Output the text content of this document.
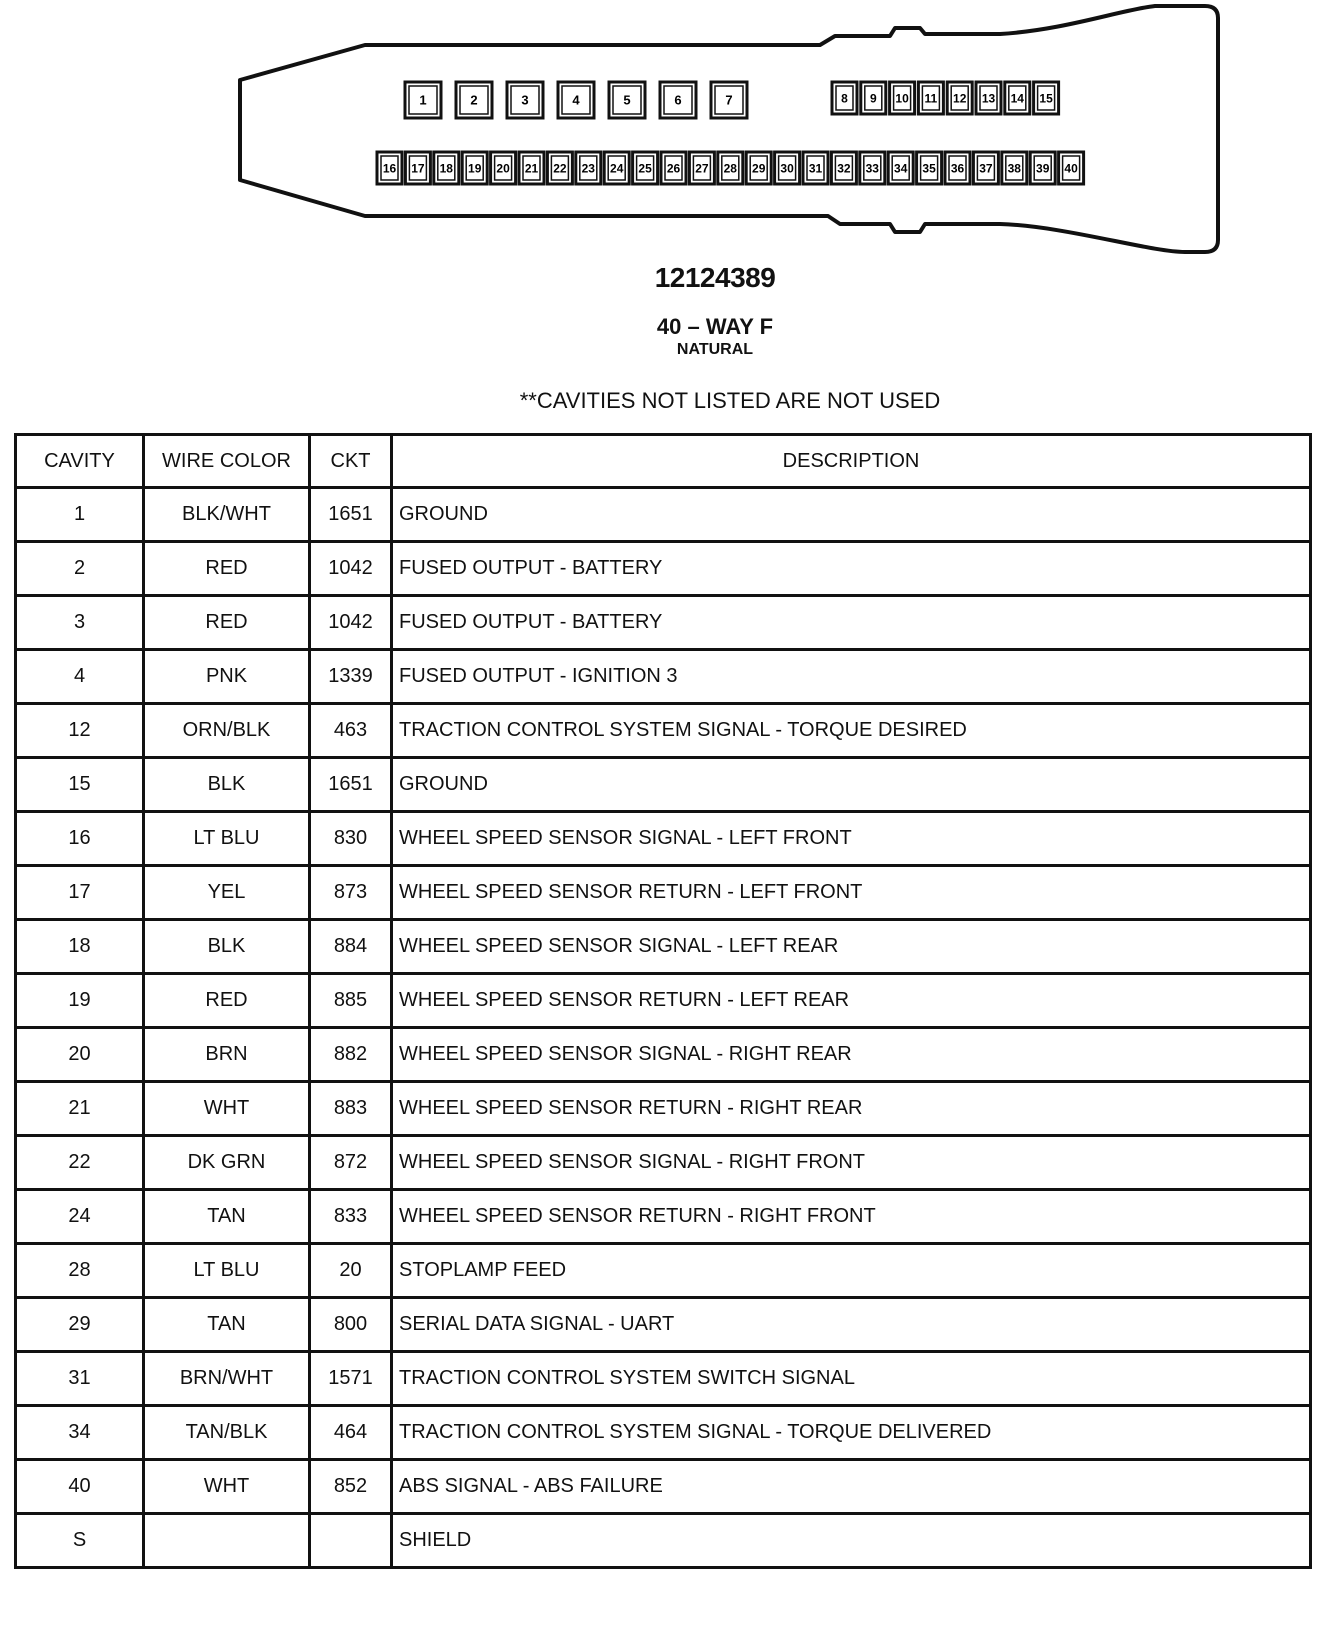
1	2	3	4	5	6	7	8 9 10 11 12 13 14 15
16 17 18 19 20 21 22 23 24 25 26 27 28 29 30 31 32 33 34 35 36 37 38 39 40
12124389
40 – WAY F
NATURAL
**CAVITIES NOT LISTED ARE NOT USED
CAVITY	WIRE COLOR	CKT	DESCRIPTION
1	BLK/WHT	1651	GROUND
2	RED	1042	FUSED OUTPUT - BATTERY
3	RED	1042	FUSED OUTPUT - BATTERY
4	PNK	1339	FUSED OUTPUT - IGNITION 3
12	ORN/BLK	463	TRACTION CONTROL SYSTEM SIGNAL - TORQUE DESIRED
15	BLK	1651	GROUND
16	LT BLU	830	WHEEL SPEED SENSOR SIGNAL - LEFT FRONT
17	YEL	873	WHEEL SPEED SENSOR RETURN - LEFT FRONT
18	BLK	884	WHEEL SPEED SENSOR SIGNAL - LEFT REAR
19	RED	885	WHEEL SPEED SENSOR RETURN - LEFT REAR
20	BRN	882	WHEEL SPEED SENSOR SIGNAL - RIGHT REAR
21	WHT	883	WHEEL SPEED SENSOR RETURN - RIGHT REAR
22	DK GRN	872	WHEEL SPEED SENSOR SIGNAL - RIGHT FRONT
24	TAN	833	WHEEL SPEED SENSOR RETURN - RIGHT FRONT
28	LT BLU	20	STOPLAMP FEED
29	TAN	800	SERIAL DATA SIGNAL - UART
31	BRN/WHT	1571	TRACTION CONTROL SYSTEM SWITCH SIGNAL
34	TAN/BLK	464	TRACTION CONTROL SYSTEM SIGNAL - TORQUE DELIVERED
40	WHT	852	ABS SIGNAL - ABS FAILURE
S			SHIELD
